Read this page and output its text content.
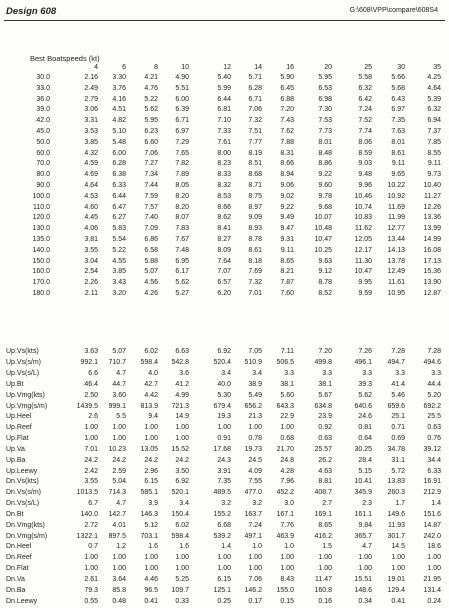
Design 608	G:\608\VPP\compare\608S4
Best Boatspeeds (kt)
4	6	8	10	12	14	16	20	25	30	35
30.0	2.16	3.30	4.21	4.90	5.40	5.71	5.90	5.95	5.58	5.66	4.25
33.0	2.49	3.76	4.76	5.51	5.99	6.28	6.45	6.53	6.32	5.68	4.64
36.0	2.79	4.16	5.22	6.00	6.44	6.71	6.88	6.98	6.42	6.43	5.39
39.0	3.06	4.51	5.62	6.39	6.81	7.06	7.20	7.30	7.24	6.97	6.32
42.0	3.31	4.82	5.95	6.71	7.10	7.32	7.43	7.53	7.52	7.35	6.94
45.0	3.53	5.10	6.23	6.97	7.33	7.51	7.62	7.73	7.74	7.63	7.37
50.0	3.85	5.48	6.60	7.29	7.61	7.77	7.88	8.01	8.06	8.01	7.85
60.0	4.32	6.00	7.06	7.65	8.00	8.19	8.31	8.48	8.59	8.61	8.55
70.0	4.59	6.28	7.27	7.82	8.23	8.51	8.66	8.86	9.03	9.11	9.11
80.0	4.69	6.38	7.34	7.89	8.33	8.68	8.94	9.22	9.48	9.65	9.73
90.0	4.64	6.33	7.44	8.05	8.32	8.71	9.06	9.60	9.96	10.22	10.40
100.0	4.53	6.44	7.59	8.20	8.53	8.75	9.02	9.78	10.46	10.92	11.27
110.0	4.60	6.47	7.57	8.20	8.66	8.97	9.22	9.68	10.74	11.69	12.26
120.0	4.45	6.27	7.40	8.07	8.62	9.09	9.49	10.07	10.83	11.99	13.36
130.0	4.06	5.83	7.09	7.83	8.41	8.93	9.47	10.48	11.62	12.77	13.99
135.0	3.81	5.54	6.86	7.67	8.27	8.78	9.31	10.47	12.05	13.44	14.99
140.0	3.55	5.22	6.58	7.48	8.09	8.61	9.11	10.25	12.17	14.13	16.08
150.0	3.04	4.55	5.88	6.95	7.64	8.18	8.65	9.63	11.30	13.78	17.13
160.0	2.54	3.85	5.07	6.17	7.07	7.69	8.21	9.12	10.47	12.49	15.36
170.0	2.26	3.43	4.56	5.62	6.57	7.32	7.87	8.78	9.95	11.61	13.90
180.0	2.11	3.20	4.26	5.27	6.20	7.01	7.60	8.52	9.59	10.95	12.87
Up.Vs(kts)	3.63	5.07	6.02	6.63	6.92	7.05	7.11	7.20	7.26	7.28	7.28
Up.Vs(s/m)	992.1	710.7	598.4	542.8	520.4	510.9	506.5	499.8	496.1	494.7	494.6
Up.Vs(s/L)	6.6	4.7	4.0	3.6	3.4	3.4	3.3	3.3	3.3	3.3	3.3
Up.Bt	46.4	44.7	42.7	41.2	40.0	38.9	38.1	38.1	39.3	41.4	44.4
Up.Vmg(kts)	2.50	3.60	4.42	4.99	5.30	5.49	5.60	5.67	5.62	5.46	5.20
Up.Vmg(s/m)	1439.5	999.1	813.9	721.3	679.4	656.2	643.3	634.8	640.6	659.6	692.2
Up.Heel	2.6	5.5	9.4	14.9	19.3	21.3	22.9	23.9	24.6	25.1	25.5
Up.Reef	1.00	1.00	1.00	1.00	1.00	1.00	1.00	0.92	0.81	0.71	0.63
Up.Flat	1.00	1.00	1.00	1.00	0.91	0.78	0.68	0.63	0.64	0.69	0.76
Up.Va	7.01	10.23	13.05	15.52	17.68	19.73	21.70	25.57	30.25	34.78	39.12
Up.Ba	24.2	24.2	24.2	24.2	24.3	24.5	24.8	26.2	28.4	31.1	34.4
Up.Leewy	2.42	2.59	2.96	3.50	3.91	4.09	4.28	4.63	5.15	5.72	6.33
Dn.Vs(kts)	3.55	5.04	6.15	6.92	7.35	7.55	7.96	8.81	10.41	13.83	16.91
Dn.Vs(s/m)	1013.5	714.3	585.1	520.1	489.5	477.0	452.2	408.7	345.9	260.3	212.9
Dn.Vs(s/L)	6.7	4.7	3.9	3.4	3.2	3.2	3.0	2.7	2.3	1.7	1.4
Dn.Bt	140.0	142.7	146.3	150.4	155.2	163.7	167.1	169.1	161.1	149.6	151.6
Dn.Vmg(kts)	2.72	4.01	5.12	6.02	6.68	7.24	7.76	8.65	9.84	11.93	14.87
Dn.Vmg(s/m)	1322.1	897.5	703.1	598.4	539.2	497.1	463.9	416.2	365.7	301.7	242.0
Dn.Heel	0.7	1.2	1.6	1.6	1.4	1.0	1.0	1.5	4.7	14.5	18.6
Dn.Reef	1.00	1.00	1.00	1.00	1.00	1.00	1.00	1.00	1.00	1.00	1.00
Dn.Flat	1.00	1.00	1.00	1.00	1.00	1.00	1.00	1.00	1.00	1.00	1.00
Dn.Va	2.61	3.64	4.46	5.25	6.15	7.06	8.43	11.47	15.51	19.01	21.95
Dn.Ba	79.3	85.8	96.5	109.7	125.1	146.2	155.0	160.8	148.6	129.4	131.4
Dn.Leewy	0.55	0.48	0.41	0.33	0.25	0.17	0.15	0.16	0.34	0.41	0.24
